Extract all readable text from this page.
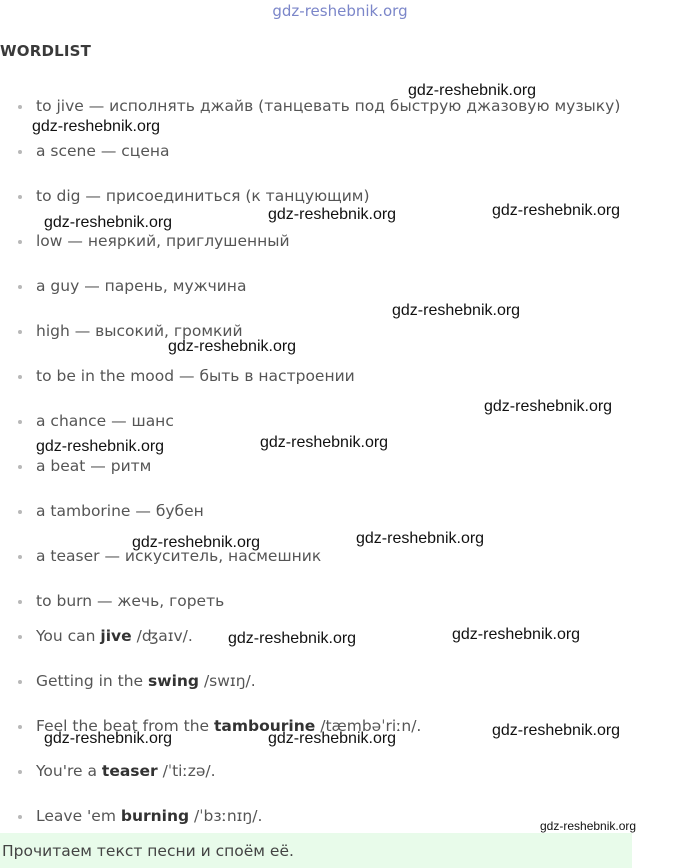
gdz-reshebnik.org
WORDLIST
to jive — исполнять джайв (танцевать под быструю джазовую музыку)
a scene — сцена
to dig — присоединиться (к танцующим)
low — неяркий, приглушенный
a guy — парень, мужчина
high — высокий, громкий
to be in the mood — быть в настроении
a chance — шанс
a beat — ритм
a tamborine — бубен
a teaser — искуситель, насмешник
to burn — жечь, гореть
You can jive /ʤaɪv/.
Getting in the swing /swɪŋ/.
Feel the beat from the tambourine /tæmbəˈriːn/.
You're a teaser /ˈtiːzə/.
Leave 'em burning /ˈbɜːnɪŋ/.
gdz-reshebnik.org
gdz-reshebnik.org
gdz-reshebnik.org	gdz-reshebnik.org	gdz-reshebnik.org
gdz-reshebnik.org
gdz-reshebnik.org
gdz-reshebnik.org
gdz-reshebnik.org	gdz-reshebnik.org
gdz-reshebnik.org	gdz-reshebnik.org
gdz-reshebnik.org	gdz-reshebnik.org
gdz-reshebnik.org	gdz-reshebnik.org	gdz-reshebnik.org
Прочитаем текст песни и споём её.
gdz-reshebnik.org
